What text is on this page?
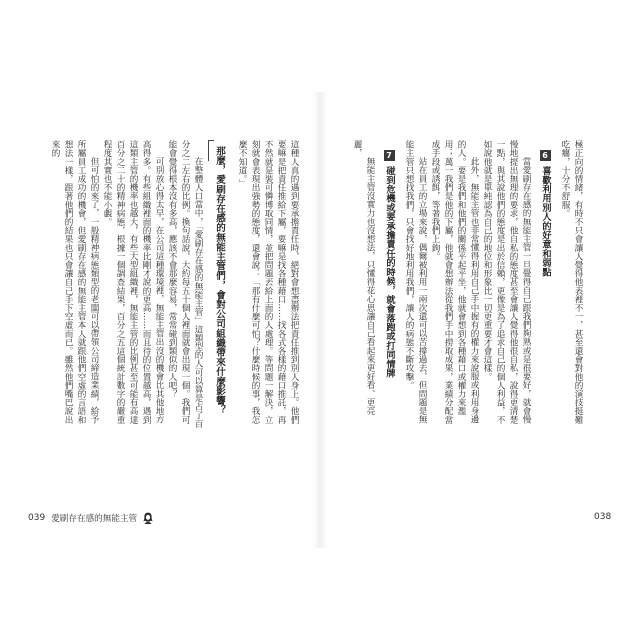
極正向的情緒，有時不只會讓人覺得他表裡不一，甚至還會對他的演技挺難吃癟，十分不舒服。

6喜歡利用別人的好意和弱點

當愛刷存在感的無能主管一旦覺得自己跟我們夠熟或是很要好，就會慢慢地提出無理的要求，他自私的態度甚至會讓人覺得他很自私，說得更清楚一點，與其說他們的態度是出於信賴，更像是為了追求自己的個人利益，不如說他就是單純認為自己的地位和形象比一切更重要才會這樣。

此外，無能主管也非常懂得利用自己手中握有的權力來說服或利用身邊的人。要是我們和他們的關係平起平坐，他就會想到各種藉口或權力來濫用；萬一我們是他的下屬，他就會想辦法從我們手中撈取成果，業績分配當成手段或誘餌，等著我們上鉤。

站在員工的立場來說，偶爾被利用一兩次還可以苦撐過去，但問題是無能主管只想找我們，只會找好地利用我們，讓人的病態不斷攻擊。

7碰到危機或要承擔責任的時候，就會落跑或打同情牌

無能主管沒實力也沒想法，只懂得花心思讓自己看起來更好看、更亮麗，

這種人真的遇到要承擔責任時，絕對會想盡辦法把責任推到別人身上。他們要嘛是把責任推給下屬，要嘛是找各種藉口……找各式各樣的藉口推託，再不然就是裝可憐博取同情，並把問題丟給上面的人處理。等問題一解決，立刻就會表現出強勢的態度，還會說：「那有什麼可怕？什麼時候的事，我怎麼不知道。」

那麼，愛刷存在感的無能主管們，會對公司組織帶來什麼影響？

在整體人口當中，「愛刷存在感的無能主管」這類型的人可以算是占了百分之二左右的比例。換句話說，大約每五十個人裡面就會出現一個。我們可能會覺得根本沒有多高，應該不會那麼容易，常常碰到類似的人吧？

可別放心得太早，在公司這種環境裡，無能主管出沒的機會比其他地方高得多。有些組織裡面的機率比剛才說的更高……而且待的位置越高，遇到這類主管的機率也越大，有些大型組織裡，無能主管的比例甚至可能有高達百分之二十的精神病態，根據一個調查結果，百分之五這個統計數字的嚴重程度其實也不能小覷。

但可怕的來了，一般精神病態類型的老闆可以帶領公司締造業績，給予所屬員工成功的機會，但愛刷存在感的無能主管本人就跟他們空虛的言語和想法一樣，跟著他們的結果也只會讓自己手下空虛而已。雖然他們嘴巴說出來的

039 愛刷存在感的無能主管	038
